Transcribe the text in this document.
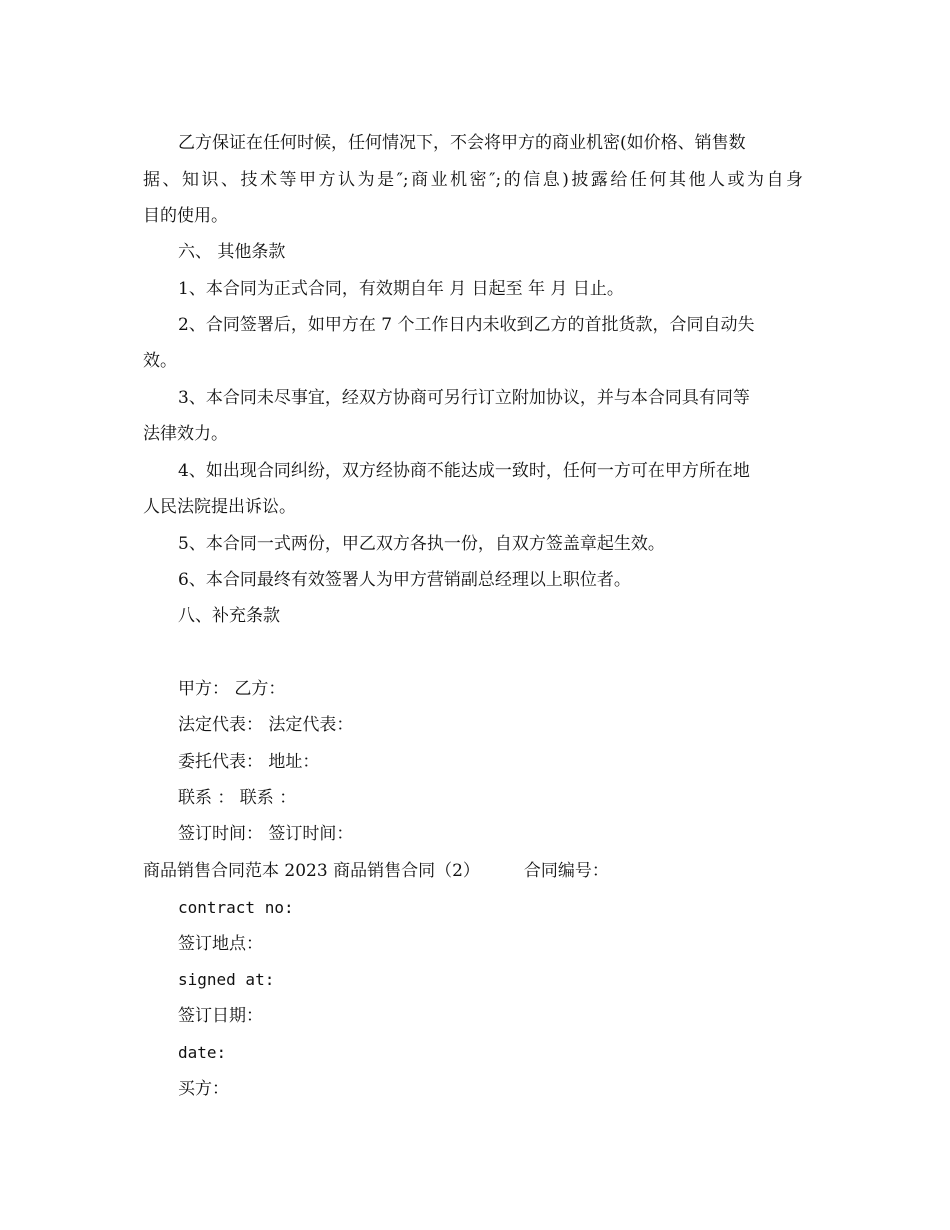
乙方保证在任何时候，任何情况下，不会将甲方的商业机密(如价格、销售数
据、知识、技术等甲方认为是″;商业机密″;的信息)披露给任何其他人或为自身
目的使用。
六、 其他条款
1、本合同为正式合同，有效期自年 月 日起至 年 月 日止。
2、合同签署后，如甲方在 7 个工作日内未收到乙方的首批货款，合同自动失
效。
3、本合同未尽事宜，经双方协商可另行订立附加协议，并与本合同具有同等
法律效力。
4、如出现合同纠纷，双方经协商不能达成一致时，任何一方可在甲方所在地
人民法院提出诉讼。
5、本合同一式两份，甲乙双方各执一份，自双方签盖章起生效。
6、本合同最终有效签署人为甲方营销副总经理以上职位者。
八、补充条款
甲方： 乙方：
法定代表： 法定代表：
委托代表： 地址：
联系 ： 联系 ：
签订时间： 签订时间：
商品销售合同范本 2023 商品销售合同（2）	合同编号：
contract no:
签订地点：
signed at:
签订日期：
date:
买方：
